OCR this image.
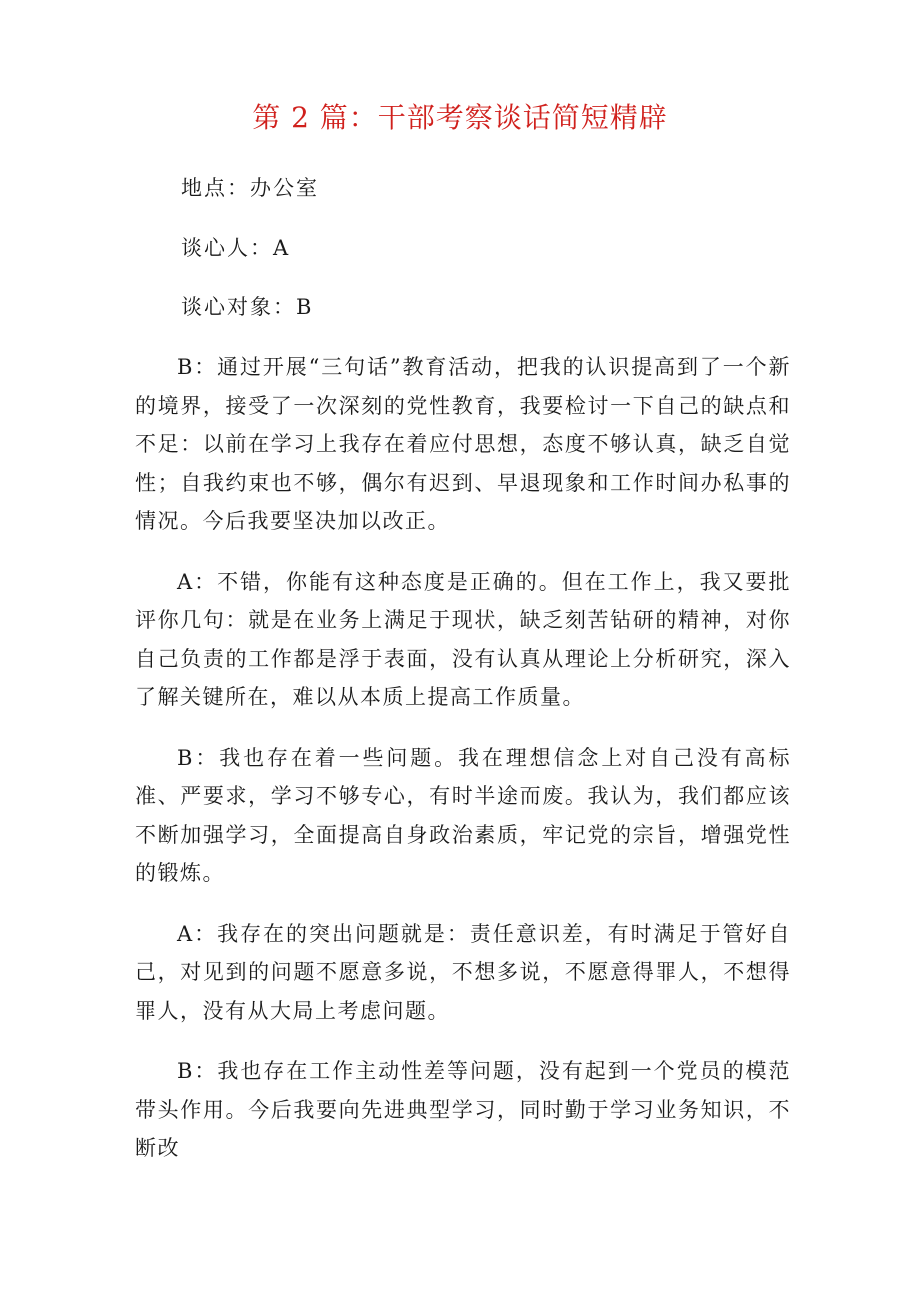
第 2 篇：干部考察谈话简短精辟
地点：办公室
谈心人：A
谈心对象：B

B：通过开展“三句话”教育活动，把我的认识提高到了一个新的境界，接受了一次深刻的党性教育，我要检讨一下自己的缺点和不足：以前在学习上我存在着应付思想，态度不够认真，缺乏自觉性；自我约束也不够，偶尔有迟到、早退现象和工作时间办私事的情况。今后我要坚决加以改正。

A：不错，你能有这种态度是正确的。但在工作上，我又要批评你几句：就是在业务上满足于现状，缺乏刻苦钻研的精神，对你自己负责的工作都是浮于表面，没有认真从理论上分析研究，深入了解关键所在，难以从本质上提高工作质量。

B：我也存在着一些问题。我在理想信念上对自己没有高标准、严要求，学习不够专心，有时半途而废。我认为，我们都应该不断加强学习，全面提高自身政治素质，牢记党的宗旨，增强党性的锻炼。

A：我存在的突出问题就是：责任意识差，有时满足于管好自己，对见到的问题不愿意多说，不想多说，不愿意得罪人，不想得罪人，没有从大局上考虑问题。

B：我也存在工作主动性差等问题，没有起到一个党员的模范带头作用。今后我要向先进典型学习，同时勤于学习业务知识，不断改
